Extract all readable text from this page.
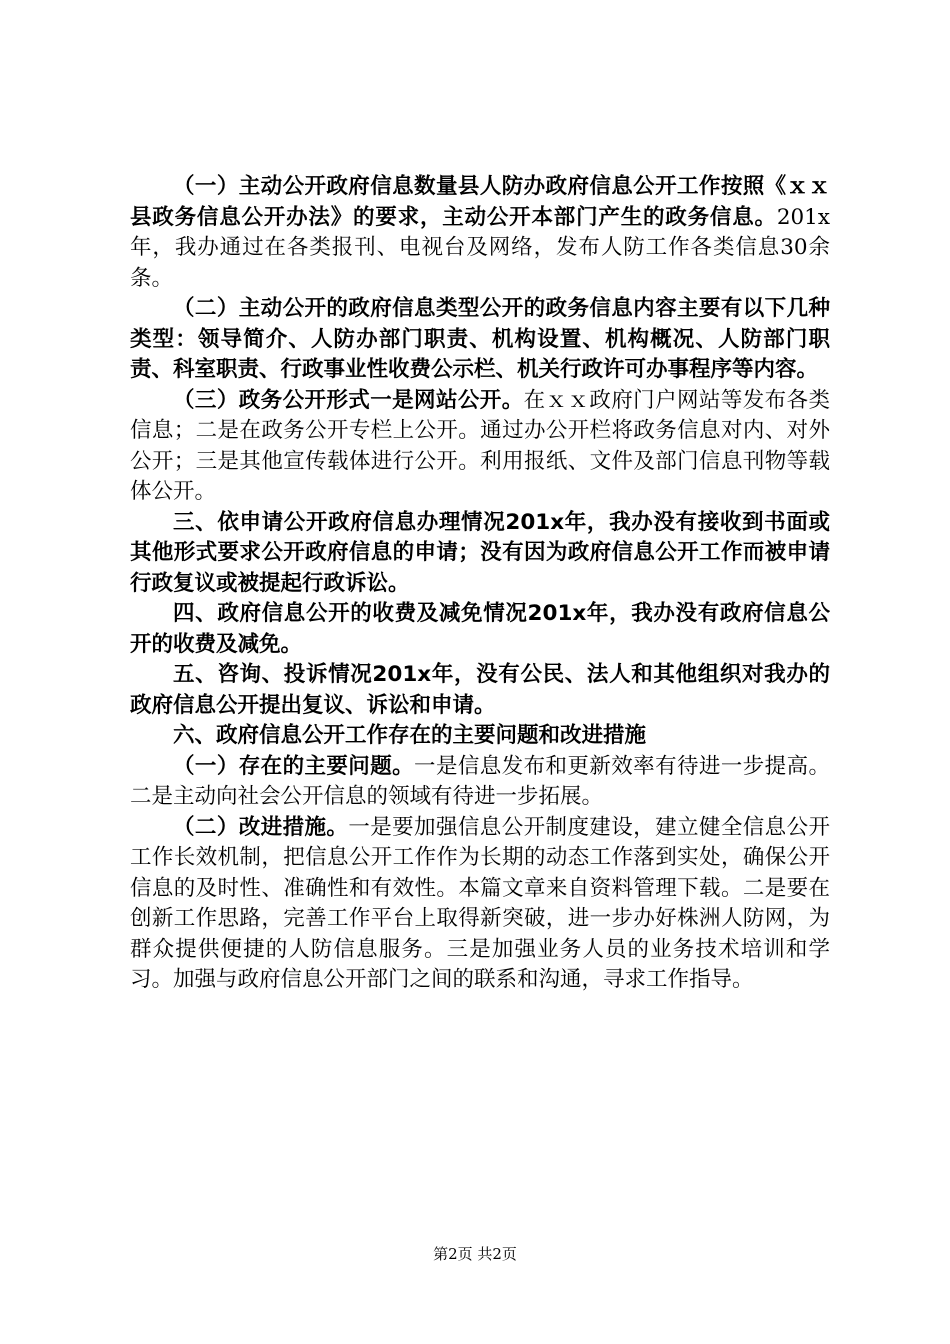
（一）主动公开政府信息数量县人防办政府信息公开工作按照《ｘｘ县政务信息公开办法》的要求，主动公开本部门产生的政务信息。201x年，我办通过在各类报刊、电视台及网络，发布人防工作各类信息30余条。

（二）主动公开的政府信息类型公开的政务信息内容主要有以下几种类型：领导简介、人防办部门职责、机构设置、机构概况、人防部门职责、科室职责、行政事业性收费公示栏、机关行政许可办事程序等内容。

（三）政务公开形式一是网站公开。在ｘｘ政府门户网站等发布各类信息；二是在政务公开专栏上公开。通过办公开栏将政务信息对内、对外公开；三是其他宣传载体进行公开。利用报纸、文件及部门信息刊物等载体公开。

三、依申请公开政府信息办理情况201x年，我办没有接收到书面或其他形式要求公开政府信息的申请；没有因为政府信息公开工作而被申请行政复议或被提起行政诉讼。

四、政府信息公开的收费及减免情况201x年，我办没有政府信息公开的收费及减免。

五、咨询、投诉情况201x年，没有公民、法人和其他组织对我办的政府信息公开提出复议、诉讼和申请。

六、政府信息公开工作存在的主要问题和改进措施

（一）存在的主要问题。一是信息发布和更新效率有待进一步提高。二是主动向社会公开信息的领域有待进一步拓展。

（二）改进措施。一是要加强信息公开制度建设，建立健全信息公开工作长效机制，把信息公开工作作为长期的动态工作落到实处，确保公开信息的及时性、准确性和有效性。本篇文章来自资料管理下载。二是要在创新工作思路，完善工作平台上取得新突破，进一步办好株洲人防网，为群众提供便捷的人防信息服务。三是加强业务人员的业务技术培训和学习。加强与政府信息公开部门之间的联系和沟通，寻求工作指导。

第2页 共2页
